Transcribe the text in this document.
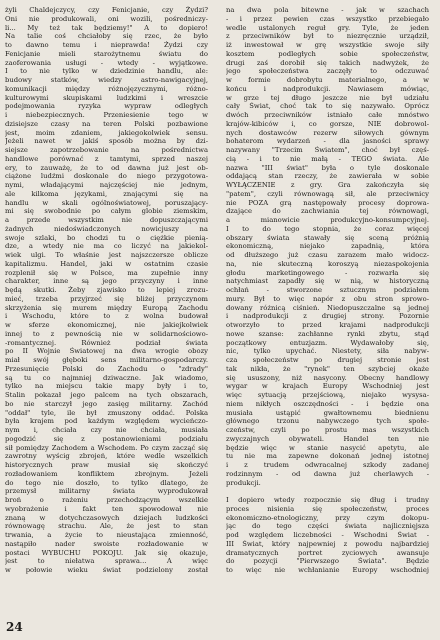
żyli Chaldejczycy, czy Fenicjanie, czy Żydzi?
Oni nie produkowali, oni wozili, pośredniczy-
li... My też tak będziemy!" A to dopiero!
Na talie coś chciałoby się rzec, że było
to dawno temu i nieprawda! Żydzi czy
Fenicjanie mieli starożytnemu światu do
zaoferowania usługi - wtedy - wyjątkowe.
I to nie tylko w dziedzinie handlu, ale:
budowy statków, wiedzy astro-nawigacyjnej,
komunikacji między różnojęzycznymi, różno-
kulturowymi skupiskami ludzkimi i wreszcie
podejmowania ryzyka wypraw odległych
i niebezpiecznych. Przeniesienie tego w
dzisiejsze czasy na teren Polski pozbawione
jest, moim zdaniem, jakiegokolwiek sensu.
Jeżeli nawet w jakiś sposób można by dzi-
siejsze zapotrzebowanie na pośrednictwa
handlowe porównać z tamtymi, sprzed naszej
ery, to zauważę, że to od dawna już jest ob-
ciążone ludźmi doskonale do niego przygotowa-
nymi, władającymi najczęściej nie jednym,
ale kilkoma językami, znającymi się na
handlu w skali ogólnoświatowej, poruszający-
mi się swobodnie po całym globie ziemskim,
a przede wszystkim nie dopuszczającymi
żadnych niedoświadczonych nowicjuszy na
swoje szlaki, bo chodzi tu o ciężkie pienią-
dze, a wtedy nie ma co liczyć na jakiekol-
wiek ulgi. To właśnie jest najszczersze oblicze
kapitalizmu. Handel, jaki w ostatnim czasie
rozplenił się w Polsce, ma zupełnie inny
charakter, inne są jego przyczyny i inne
będą skutki. Żeby zjawisko to lepiej zrozu-
mieć, trzeba przyjrzeć się bliżej przyczynom
skrzyżenia się murem między Europą Zachodu
i Wschodu, które to z wolna budował
w sferze ekonomicznej, nie jakiejkolwiek
innej to z pewnością nie w solidarnościowo-
-romantycznej. Również podział świata
po II Wojnie Światowej na dwa wrogie obozy
miał swój głęboki sens militarno-gospodarczy.
Przesunięcie Polski do Zachodu o "zdrady"
są tu co najmniej dziwaczne. Jak wiadomo,
tylko na miejscu takie mapy były i to,
Stalin pokazał jego palcem na tych obszarach,
bo nie starczył jego zasięg militarny. Zachód
"oddał" tyle, ile był zmuszony oddać. Polska
była krajem pod każdym względem wycieńczo-
nym i, chciała czy nie chciała, musiała
pogodzić się z postanowieniami podziału
sił pomiędzy Zachodem a Wschodem. Po czym zacząć się
zawrotny wyścig zbrojeń, które wedle wszelkich
historycznych praw musiał się skończyć
rozładowaniem konfliktem zbrojnym. Jeżeli
do tego nie doszło, to tylko dlatego, że
przemysł militarny świata wyprodukował
broń o rażeniu przechodzącym wszelkie
wyobrażenie i fakt ten spowodował nie
znaną w dotychczasowych dziejach ludzkości
równowagę strachu. Ale, że jest to stan
trwania, a życie to nieustająca zmienność,
nastąpiło nader swoiste rozładowanie w
postaci WYBUCHU POKOJU. Jak się okazuje,
jest to niełatwa sprawa... A więc
w połowie wieku świat podzielony został
na dwa pola bitewne - jak w szachach
- i przez pewien czas wszystko przebiegało
wedle ustalonych reguł gry. Tyle, że jeden
z przeciwników był to niezręcznie urządził,
iż inwestował w grę wszystkie swoje siły
kosztem podległych sobie społeczeństw,
drugi zaś dorobił się takich nadwyżek, że
jego społeczeństwa zaczęły to odczuwać
w formie dobrobytu materialnego, a w
końcu i nadprodukcji. Nawiasem mówiąc,
w grze tej długo jeszcze nie był udziału
cały Świat, choć tak to się nazywało. Oprócz
dwóch przeciwników istniało całe mnóstwo
krajów-kibiców i, co gorsze, NIE dobrowol-
nych dostawców rezerw siłowych gównym
bohaterom wydarzeń - dla jasności sprawy
nazywany "Trzecim Światem", choć był częś-
cią - i to nie małą - TEGO świata. Ale
nazwa "III świat" była o tyle doskonale
oddającą stan rzeczy, że zawierała w sobie
WYŁĄCZENIE z gry. Gra zakończyła się
"patem", czyli równowagą sił, ale przeciwnicy
nie POZA grą następowały procesy doprowa-
dzające do zachwiania tej równowagi,
a mianowicie produkcyjno-konsumpcyjnej.
I to do tego stopnia, że coraz więcej
obszary świata stawały się sceną próżnią
ekonomiczną, niejako zapadnią, która
od dłuższego już czasu zarazem mało widocz-
na, nie skuteczną koroszyą niezaspokojenia
głodu marketingowego - rozwarła się
natychmiast zapadły się w nią, w historyczną
ochłań - stworzone sztucznym podziałem
mury. Był to więc napór z obu stron sprowo-
dowany różnicą ciśnień. Niedopuszczalne są jednej
i nadprodukcji z drugiej strony. Pozornie
otworzyło to przed krajami nadprodukcji
nowe szanse: zachłanne rynki zbytu, stąd
początkowy entuzjazm. Wydawałoby się,
nic, tylko upychać. Niestety, siła nabyw-
cza społeczeństw po drugiej stronie jest
tak nikła, że "rynek" ten szybciej okaże
się ususzony, niż nasycony. Obecny handlowy
wygar w krajach Europy Wschodniej jest
więc sytuacją przejściową, niejako wysysa-
niem nikłych oszczędności - i będzie ona
musiała ustąpić gwałtownemu biednienu
głównego trzonu nabywczego tych społe-
czeństw, czyli po prostu mas wszystkich
zwyczajnych obywateli. Handel ten nie
będzie więc w stanie nasycić apetytu, ale
tu nie ma zapewne dokonań jednej istotnej
i z trudem odwracalnej szkody zadanej
rodzinnym - od dawna już cherlawych -
produkcji.
I dopiero wtedy rozpocznie się dług i trudny
proces nisienia się społeczeństw, proces
ekonomiczno-etnologiczny, przy czym dokopu-
jąc do tego części świata najlicznięjsza
pod względem liczebności - Wschodni Świat -
III Świat, który najpewniej z powodu najbardziej
dramatycznych portret zyciowych awansuje
do pozycji "Pierwszego Świata". Będzie
to więc nie wchłanianie Europy wschodniej
24
